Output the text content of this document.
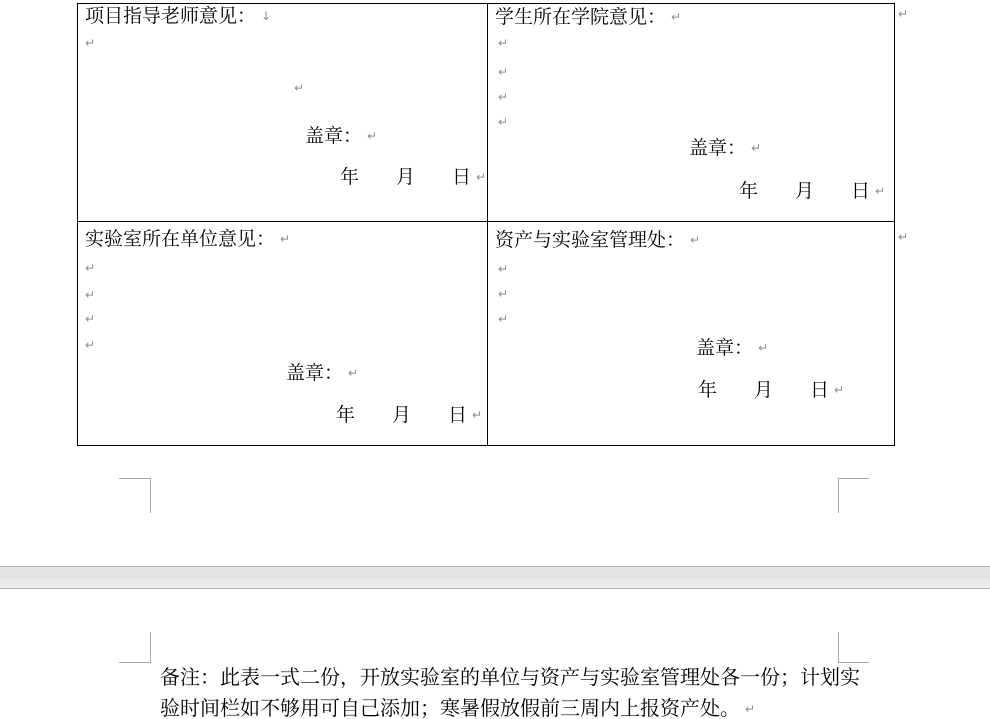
项目指导老师意见： ↓
↵
↵
盖章： ↵
年 月 日 ↵
学生所在学院意见： ↵
↵
↵
↵
↵
盖章： ↵
年 月 日 ↵
实验室所在单位意见： ↵
↵
↵
↵
↵
盖章： ↵
年 月 日 ↵
资产与实验室管理处： ↵
↵
↵
↵
盖章： ↵
年 月 日 ↵
↵
↵
备注：此表一式二份，开放实验室的单位与资产与实验室管理处各一份；计划实
验时间栏如不够用可自己添加；寒暑假放假前三周内上报资产处。 ↵
